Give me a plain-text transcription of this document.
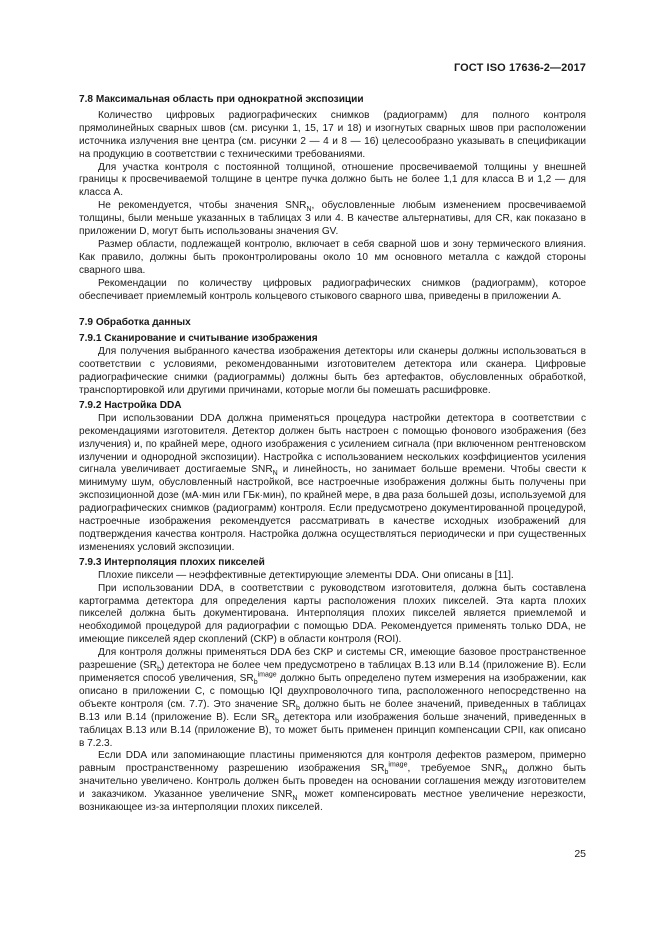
ГОСТ ISO 17636-2—2017
7.8 Максимальная область при однократной экспозиции

Количество цифровых радиографических снимков (радиограмм) для полного контроля прямолинейных сварных швов (см. рисунки 1, 15, 17 и 18) и изогнутых сварных швов при расположении источника излучения вне центра (см. рисунки 2 — 4 и 8 — 16) целесообразно указывать в спецификации на продукцию в соответствии с техническими требованиями.

Для участка контроля с постоянной толщиной, отношение просвечиваемой толщины у внешней границы к просвечиваемой толщине в центре пучка должно быть не более 1,1 для класса В и 1,2 — для класса А.

Не рекомендуется, чтобы значения $SNR_N$, обусловленные любым изменением просвечиваемой толщины, были меньше указанных в таблицах 3 или 4. В качестве альтернативы, для CR, как показано в приложении D, могут быть использованы значения GV.

Размер области, подлежащей контролю, включает в себя сварной шов и зону термического влияния. Как правило, должны быть проконтролированы около 10 мм основного металла с каждой стороны сварного шва.

Рекомендации по количеству цифровых радиографических снимков (радиограмм), которое обеспечивает приемлемый контроль кольцевого стыкового сварного шва, приведены в приложении А.

7.9 Обработка данных
7.9.1 Сканирование и считывание изображения

Для получения выбранного качества изображения детекторы или сканеры должны использоваться в соответствии с условиями, рекомендованными изготовителем детектора или сканера. Цифровые радиографические снимки (радиограммы) должны быть без артефактов, обусловленных обработкой, транспортировкой или другими причинами, которые могли бы помешать расшифровке.

7.9.2 Настройка DDA

При использовании DDA должна применяться процедура настройки детектора в соответствии с рекомендациями изготовителя. Детектор должен быть настроен с помощью фонового изображения (без излучения) и, по крайней мере, одного изображения с усилением сигнала (при включенном рентгеновском излучении и однородной экспозиции). Настройка с использованием нескольких коэффициентов усиления сигнала увеличивает достигаемые $SNR_N$ и линейность, но занимает больше времени. Чтобы свести к минимуму шум, обусловленный настройкой, все настроечные изображения должны быть получены при экспозиционной дозе (мА·мин или ГБк·мин), по крайней мере, в два раза большей дозы, используемой для радиографических снимков (радиограмм) контроля. Если предусмотрено документированной процедурой, настроечные изображения рекомендуется рассматривать в качестве исходных изображений для подтверждения качества контроля. Настройка должна осуществляться периодически и при существенных изменениях условий экспозиции.

7.9.3 Интерполяция плохих пикселей

Плохие пиксели — неэффективные детектирующие элементы DDA. Они описаны в [11].

При использовании DDA, в соответствии с руководством изготовителя, должна быть составлена картограмма детектора для определения карты расположения плохих пикселей. Эта карта плохих пикселей должна быть документирована. Интерполяция плохих пикселей является приемлемой и необходимой процедурой для радиографии с помощью DDA. Рекомендуется применять только DDA, не имеющие пикселей ядер скоплений (СКР) в области контроля (ROI).

Для контроля должны применяться DDA без СКР и системы CR, имеющие базовое пространственное разрешение $(SR_b)$ детектора не более чем предусмотрено в таблицах В.13 или В.14 (приложение В). Если применяется способ увеличения, $SR_b^{image}$ должно быть определено путем измерения на изображении, как описано в приложении С, с помощью IQI двухпроволочного типа, расположенного непосредственно на объекте контроля (см. 7.7). Это значение $SR_b$ должно быть не более значений, приведенных в таблицах В.13 или В.14 (приложение В). Если $SR_b$ детектора или изображения больше значений, приведенных в таблицах В.13 или В.14 (приложение В), то может быть применен принцип компенсации CPII, как описано в 7.2.3.

Если DDA или запоминающие пластины применяются для контроля дефектов размером, примерно равным пространственному разрешению изображения $SR_b^{image}$, требуемое $SNR_N$ должно быть значительно увеличено. Контроль должен быть проведен на основании соглашения между изготовителем и заказчиком. Указанное увеличение $SNR_N$ может компенсировать местное увеличение нерезкости, возникающее из-за интерполяции плохих пикселей.

25
